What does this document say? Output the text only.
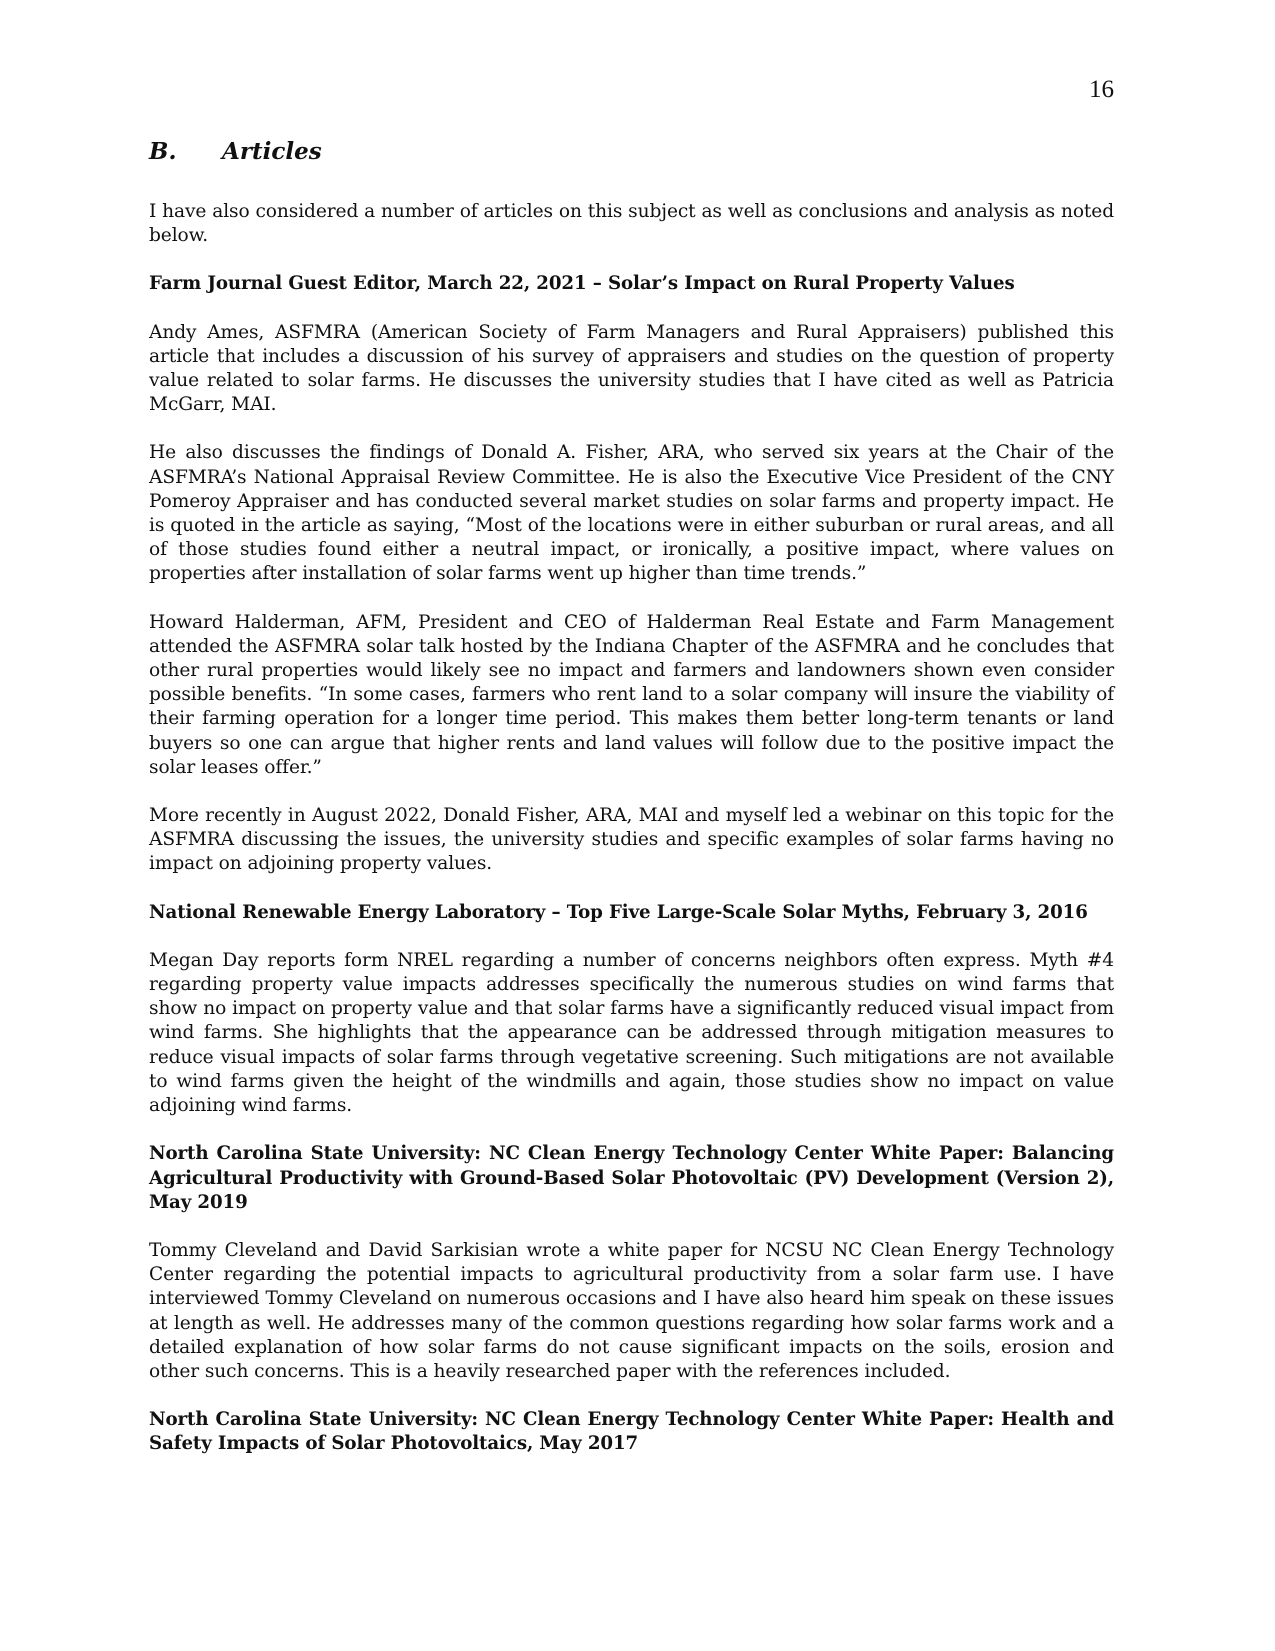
16
B. Articles

I have also considered a number of articles on this subject as well as conclusions and analysis as noted below.

Farm Journal Guest Editor, March 22, 2021 – Solar’s Impact on Rural Property Values

Andy Ames, ASFMRA (American Society of Farm Managers and Rural Appraisers) published this article that includes a discussion of his survey of appraisers and studies on the question of property value related to solar farms. He discusses the university studies that I have cited as well as Patricia McGarr, MAI.

He also discusses the findings of Donald A. Fisher, ARA, who served six years at the Chair of the ASFMRA’s National Appraisal Review Committee. He is also the Executive Vice President of the CNY Pomeroy Appraiser and has conducted several market studies on solar farms and property impact. He is quoted in the article as saying, “Most of the locations were in either suburban or rural areas, and all of those studies found either a neutral impact, or ironically, a positive impact, where values on properties after installation of solar farms went up higher than time trends.”

Howard Halderman, AFM, President and CEO of Halderman Real Estate and Farm Management attended the ASFMRA solar talk hosted by the Indiana Chapter of the ASFMRA and he concludes that other rural properties would likely see no impact and farmers and landowners shown even consider possible benefits. “In some cases, farmers who rent land to a solar company will insure the viability of their farming operation for a longer time period. This makes them better long-term tenants or land buyers so one can argue that higher rents and land values will follow due to the positive impact the solar leases offer.”

More recently in August 2022, Donald Fisher, ARA, MAI and myself led a webinar on this topic for the ASFMRA discussing the issues, the university studies and specific examples of solar farms having no impact on adjoining property values.

National Renewable Energy Laboratory – Top Five Large-Scale Solar Myths, February 3, 2016

Megan Day reports form NREL regarding a number of concerns neighbors often express. Myth #4 regarding property value impacts addresses specifically the numerous studies on wind farms that show no impact on property value and that solar farms have a significantly reduced visual impact from wind farms. She highlights that the appearance can be addressed through mitigation measures to reduce visual impacts of solar farms through vegetative screening. Such mitigations are not available to wind farms given the height of the windmills and again, those studies show no impact on value adjoining wind farms.

North Carolina State University: NC Clean Energy Technology Center White Paper: Balancing Agricultural Productivity with Ground-Based Solar Photovoltaic (PV) Development (Version 2), May 2019

Tommy Cleveland and David Sarkisian wrote a white paper for NCSU NC Clean Energy Technology Center regarding the potential impacts to agricultural productivity from a solar farm use. I have interviewed Tommy Cleveland on numerous occasions and I have also heard him speak on these issues at length as well. He addresses many of the common questions regarding how solar farms work and a detailed explanation of how solar farms do not cause significant impacts on the soils, erosion and other such concerns. This is a heavily researched paper with the references included.

North Carolina State University: NC Clean Energy Technology Center White Paper: Health and Safety Impacts of Solar Photovoltaics, May 2017
